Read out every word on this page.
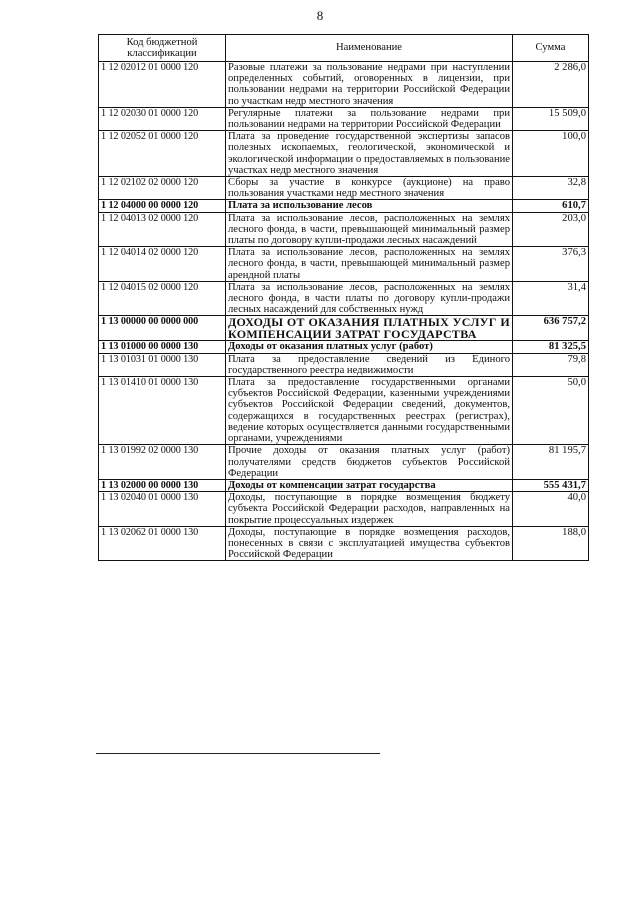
8
Код бюджетной классификации	Наименование	Сумма
1 12 02012 01 0000 120	Разовые платежи за пользование недрами при наступлении определенных событий, оговоренных в лицензии, при пользовании недрами на территории Российской Федерации по участкам недр местного значения	2 286,0
1 12 02030 01 0000 120	Регулярные платежи за пользование недрами при пользовании недрами на территории Российской Федерации	15 509,0
1 12 02052 01 0000 120	Плата за проведение государственной экспертизы запасов полезных ископаемых, геологической, экономической и экологической информации о предоставляемых в пользование участках недр местного значения	100,0
1 12 02102 02 0000 120	Сборы за участие в конкурсе (аукционе) на право пользования участками недр местного значения	32,8
1 12 04000 00 0000 120	Плата за использование лесов	610,7
1 12 04013 02 0000 120	Плата за использование лесов, расположенных на землях лесного фонда, в части, превышающей минимальный размер платы по договору купли-продажи лесных насаждений	203,0
1 12 04014 02 0000 120	Плата за использование лесов, расположенных на землях лесного фонда, в части, превышающей минимальный размер арендной платы	376,3
1 12 04015 02 0000 120	Плата за использование лесов, расположенных на землях лесного фонда, в части платы по договору купли-продажи лесных насаждений для собственных нужд	31,4
1 13 00000 00 0000 000	ДОХОДЫ ОТ ОКАЗАНИЯ ПЛАТНЫХ УСЛУГ И КОМПЕНСАЦИИ ЗАТРАТ ГОСУДАРСТВА	636 757,2
1 13 01000 00 0000 130	Доходы от оказания платных услуг (работ)	81 325,5
1 13 01031 01 0000 130	Плата за предоставление сведений из Единого государственного реестра недвижимости	79,8
1 13 01410 01 0000 130	Плата за предоставление государственными органами субъектов Российской Федерации, казенными учреждениями субъектов Российской Федерации сведений, документов, содержащихся в государственных реестрах (регистрах), ведение которых осуществляется данными государственными органами, учреждениями	50,0
1 13 01992 02 0000 130	Прочие доходы от оказания платных услуг (работ) получателями средств бюджетов субъектов Российской Федерации	81 195,7
1 13 02000 00 0000 130	Доходы от компенсации затрат государства	555 431,7
1 13 02040 01 0000 130	Доходы, поступающие в порядке возмещения бюджету субъекта Российской Федерации расходов, направленных на покрытие процессуальных издержек	40,0
1 13 02062 01 0000 130	Доходы, поступающие в порядке возмещения расходов, понесенных в связи с эксплуатацией имущества субъектов Российской Федерации	188,0
